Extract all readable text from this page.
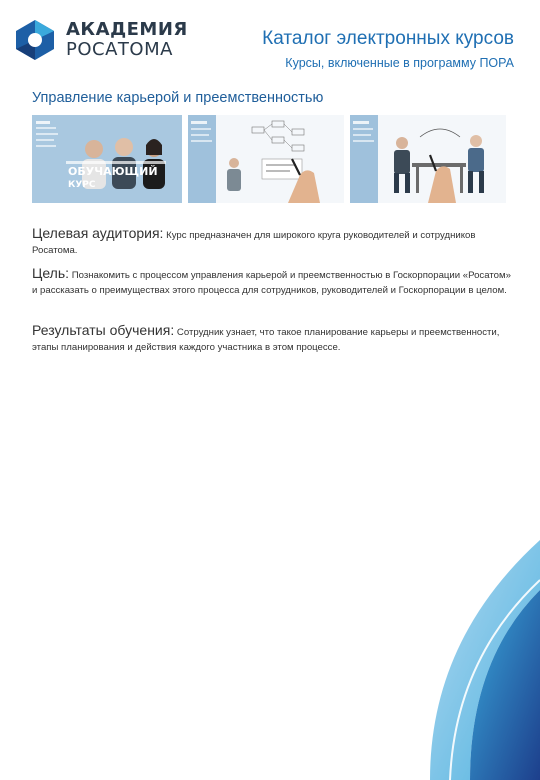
АКАДЕМИЯ
РОСАТОМА
Каталог электронных курсов
Курсы, включенные в программу ПОРА
Управление карьерой и преемственностью
ОБУЧАЮЩИЙ
КУРС
Целевая аудитория: Курс предназначен для широкого круга руководителей и сотрудников Росатома.
Цель: Познакомить с процессом управления карьерой и преемственностью в Госкорпорации «Росатом» и рассказать о преимуществах этого процесса для сотрудников, руководителей и Госкорпорации в целом.
Результаты обучения: Сотрудник узнает, что такое планирование карьеры и преемственности, этапы планирования и действия каждого участника в этом процессе.
